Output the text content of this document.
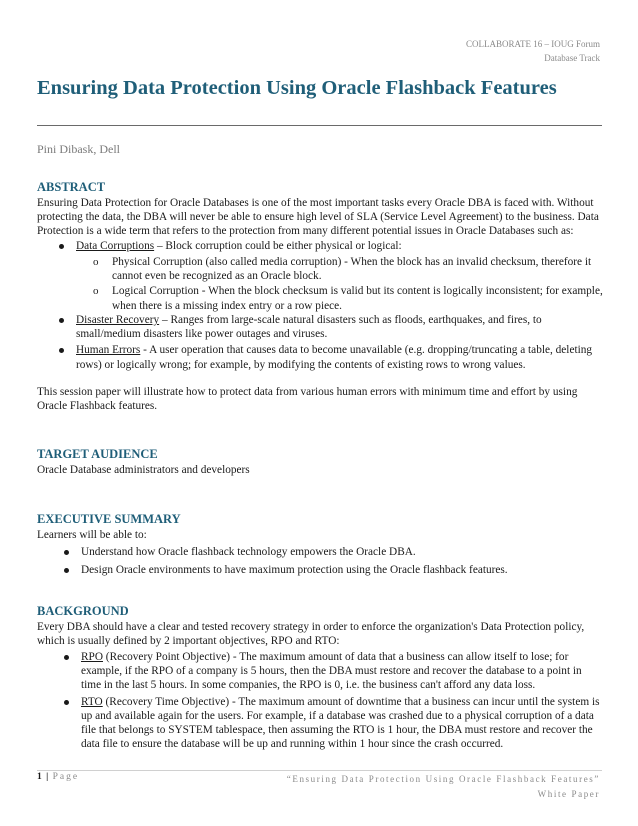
COLLABORATE 16 – IOUG Forum
Database Track
Ensuring Data Protection Using Oracle Flashback Features
Pini Dibask, Dell
ABSTRACT

Ensuring Data Protection for Oracle Databases is one of the most important tasks every Oracle DBA is faced with. Without protecting the data, the DBA will never be able to ensure high level of SLA (Service Level Agreement) to the business. Data Protection is a wide term that refers to the protection from many different potential issues in Oracle Databases such as:

Data Corruptions – Block corruption could be either physical or logical:
o Physical Corruption (also called media corruption) - When the block has an invalid checksum, therefore it cannot even be recognized as an Oracle block.
o Logical Corruption - When the block checksum is valid but its content is logically inconsistent; for example, when there is a missing index entry or a row piece.
Disaster Recovery – Ranges from large-scale natural disasters such as floods, earthquakes, and fires, to small/medium disasters like power outages and viruses.
Human Errors - A user operation that causes data to become unavailable (e.g. dropping/truncating a table, deleting rows) or logically wrong; for example, by modifying the contents of existing rows to wrong values.

This session paper will illustrate how to protect data from various human errors with minimum time and effort by using Oracle Flashback features.

TARGET AUDIENCE

Oracle Database administrators and developers

EXECUTIVE SUMMARY

Learners will be able to:

Understand how Oracle flashback technology empowers the Oracle DBA.
Design Oracle environments to have maximum protection using the Oracle flashback features.
BACKGROUND

Every DBA should have a clear and tested recovery strategy in order to enforce the organization's Data Protection policy, which is usually defined by 2 important objectives, RPO and RTO:

RPO (Recovery Point Objective) - The maximum amount of data that a business can allow itself to lose; for example, if the RPO of a company is 5 hours, then the DBA must restore and recover the database to a point in time in the last 5 hours. In some companies, the RPO is 0, i.e. the business can't afford any data loss.
RTO (Recovery Time Objective) - The maximum amount of downtime that a business can incur until the system is up and available again for the users. For example, if a database was crashed due to a physical corruption of a data file that belongs to SYSTEM tablespace, then assuming the RTO is 1 hour, the DBA must restore and recover the data file to ensure the database will be up and running within 1 hour since the crash occurred.
1 | Page	“Ensuring Data Protection Using Oracle Flashback Features”
White Paper
